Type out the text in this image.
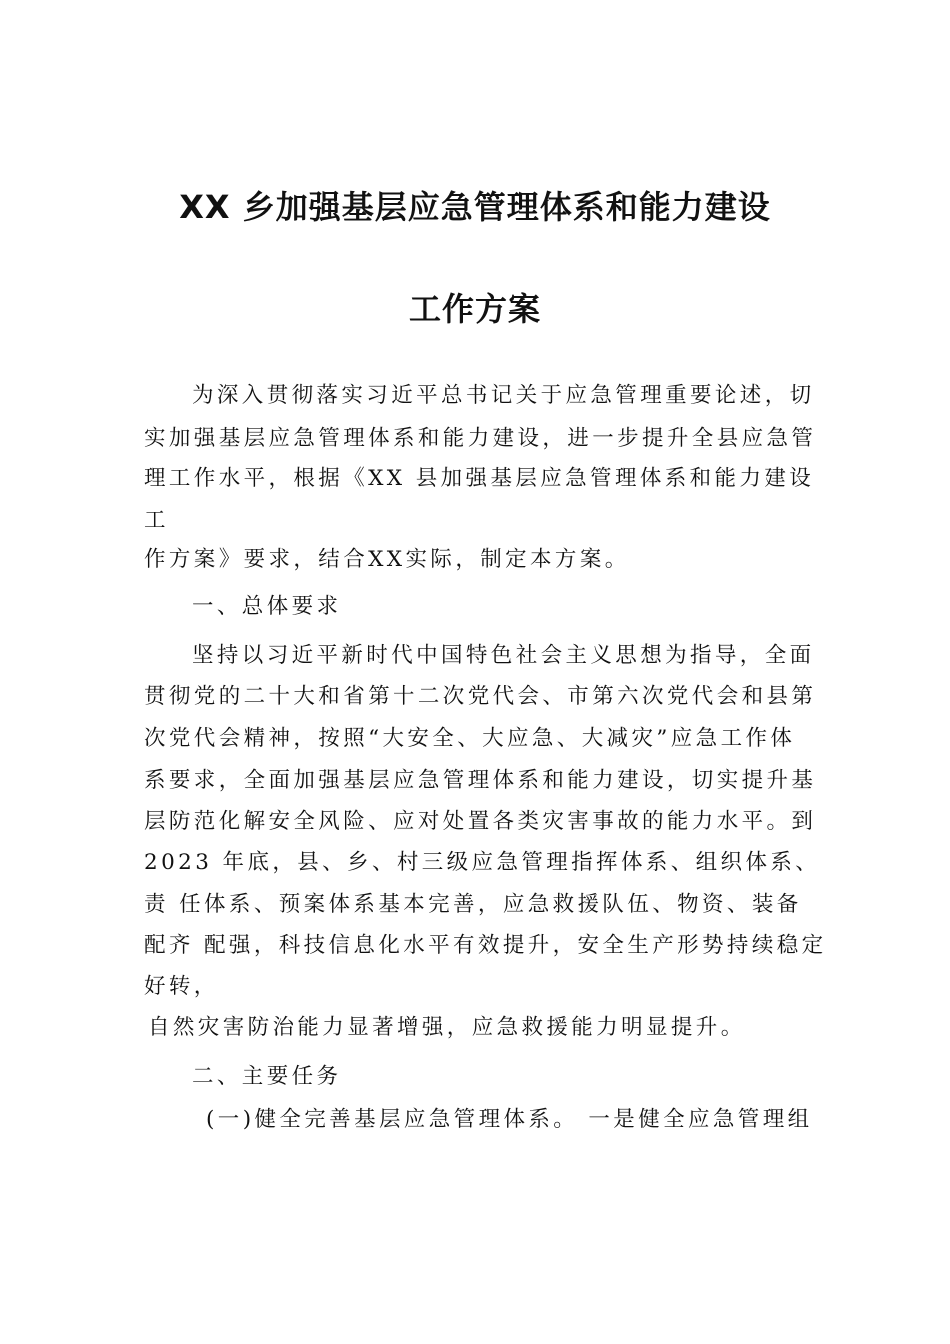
XX 乡加强基层应急管理体系和能力建设
工作方案
为深入贯彻落实习近平总书记关于应急管理重要论述，切
实加强基层应急管理体系和能力建设，进一步提升全县应急管
理工作水平，根据《XX 县加强基层应急管理体系和能力建设
工
作方案》要求，结合XX实际，制定本方案。
一、总体要求
坚持以习近平新时代中国特色社会主义思想为指导，全面
贯彻党的二十大和省第十二次党代会、市第六次党代会和县第
次党代会精神，按照“大安全、大应急、大减灾”应急工作体
系要求，全面加强基层应急管理体系和能力建设，切实提升基
层防范化解安全风险、应对处置各类灾害事故的能力水平。到
2023 年底，县、乡、村三级应急管理指挥体系、组织体系、
责 任体系、预案体系基本完善，应急救援队伍、物资、装备
配齐 配强，科技信息化水平有效提升，安全生产形势持续稳定
好转，
自然灾害防治能力显著增强，应急救援能力明显提升。
二、主要任务
(一)健全完善基层应急管理体系。 一是健全应急管理组
